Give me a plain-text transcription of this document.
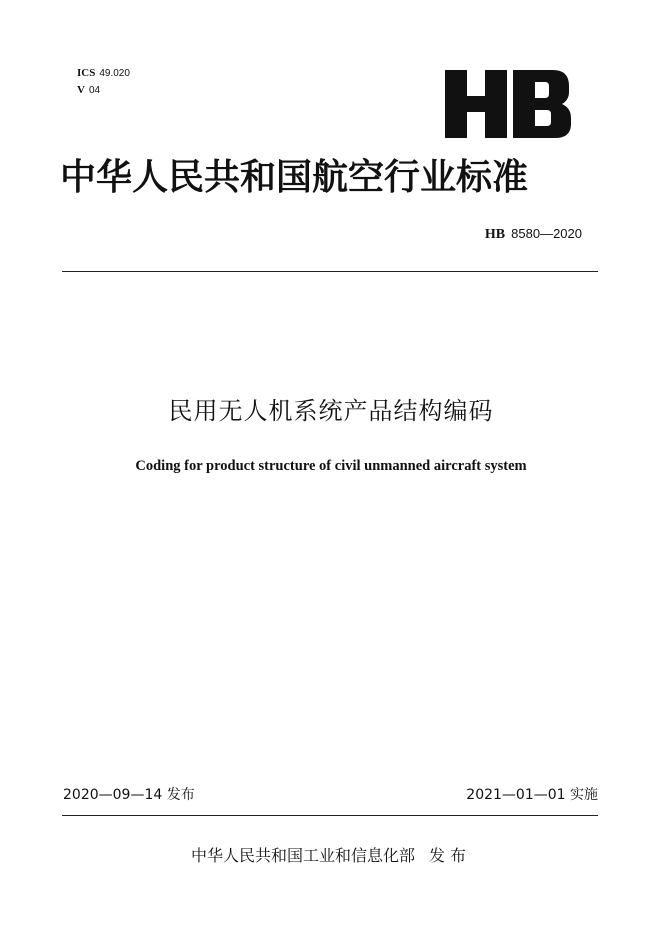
ICS 49.020
V 04
中华人民共和国航空行业标准
HB 8580—2020
民用无人机系统产品结构编码
Coding for product structure of civil unmanned aircraft system
2020—09—14 发布	2021—01—01 实施
中华人民共和国工业和信息化部 发布
